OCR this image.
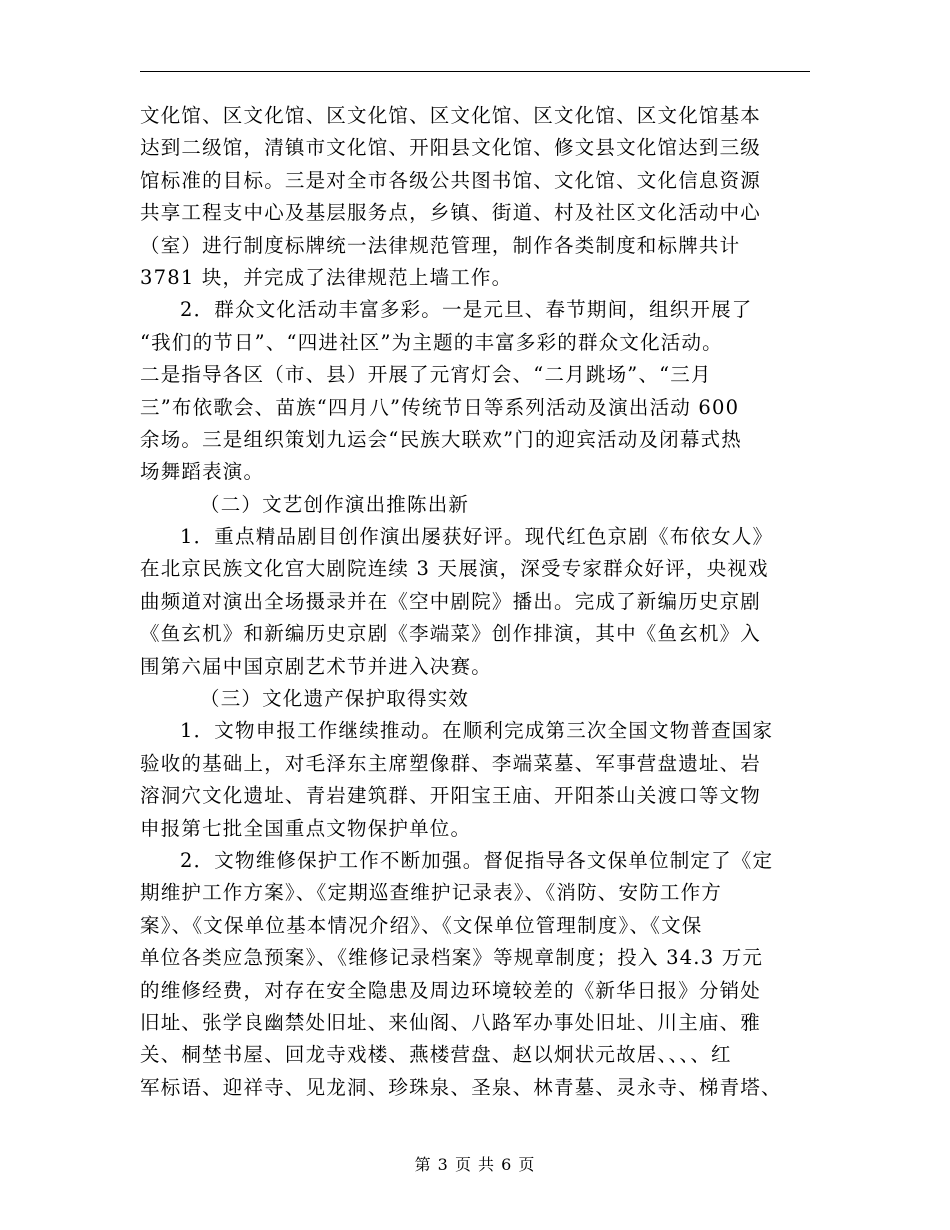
文化馆、区文化馆、区文化馆、区文化馆、区文化馆、区文化馆基本
达到二级馆，清镇市文化馆、开阳县文化馆、修文县文化馆达到三级
馆标准的目标。三是对全市各级公共图书馆、文化馆、文化信息资源
共享工程支中心及基层服务点，乡镇、街道、村及社区文化活动中心
（室）进行制度标牌统一法律规范管理，制作各类制度和标牌共计
3781 块，并完成了法律规范上墙工作。
2．群众文化活动丰富多彩。一是元旦、春节期间，组织开展了
“我们的节日”、“四进社区”为主题的丰富多彩的群众文化活动。
二是指导各区（市、县）开展了元宵灯会、“二月跳场”、“三月
三”布依歌会、苗族“四月八”传统节日等系列活动及演出活动 600
余场。三是组织策划九运会“民族大联欢”门的迎宾活动及闭幕式热
场舞蹈表演。
（二）文艺创作演出推陈出新
1．重点精品剧目创作演出屡获好评。现代红色京剧《布依女人》
在北京民族文化宫大剧院连续 3 天展演，深受专家群众好评，央视戏
曲频道对演出全场摄录并在《空中剧院》播出。完成了新编历史京剧
《鱼玄机》和新编历史京剧《李端菜》创作排演，其中《鱼玄机》入
围第六届中国京剧艺术节并进入决赛。
（三）文化遗产保护取得实效
1．文物申报工作继续推动。在顺利完成第三次全国文物普查国家
验收的基础上，对毛泽东主席塑像群、李端菜墓、军事营盘遗址、岩
溶洞穴文化遗址、青岩建筑群、开阳宝王庙、开阳茶山关渡口等文物
申报第七批全国重点文物保护单位。
2．文物维修保护工作不断加强。督促指导各文保单位制定了《定
期维护工作方案》、《定期巡查维护记录表》、《消防、安防工作方
案》、《文保单位基本情况介绍》、《文保单位管理制度》、《文保
单位各类应急预案》、《维修记录档案》等规章制度；投入 34.3 万元
的维修经费，对存在安全隐患及周边环境较差的《新华日报》分销处
旧址、张学良幽禁处旧址、来仙阁、八路军办事处旧址、川主庙、雅
关、桐埜书屋、回龙寺戏楼、燕楼营盘、赵以炯状元故居、、、、红
军标语、迎祥寺、见龙洞、珍珠泉、圣泉、林青墓、灵永寺、梯青塔、
第 3 页 共 6 页
